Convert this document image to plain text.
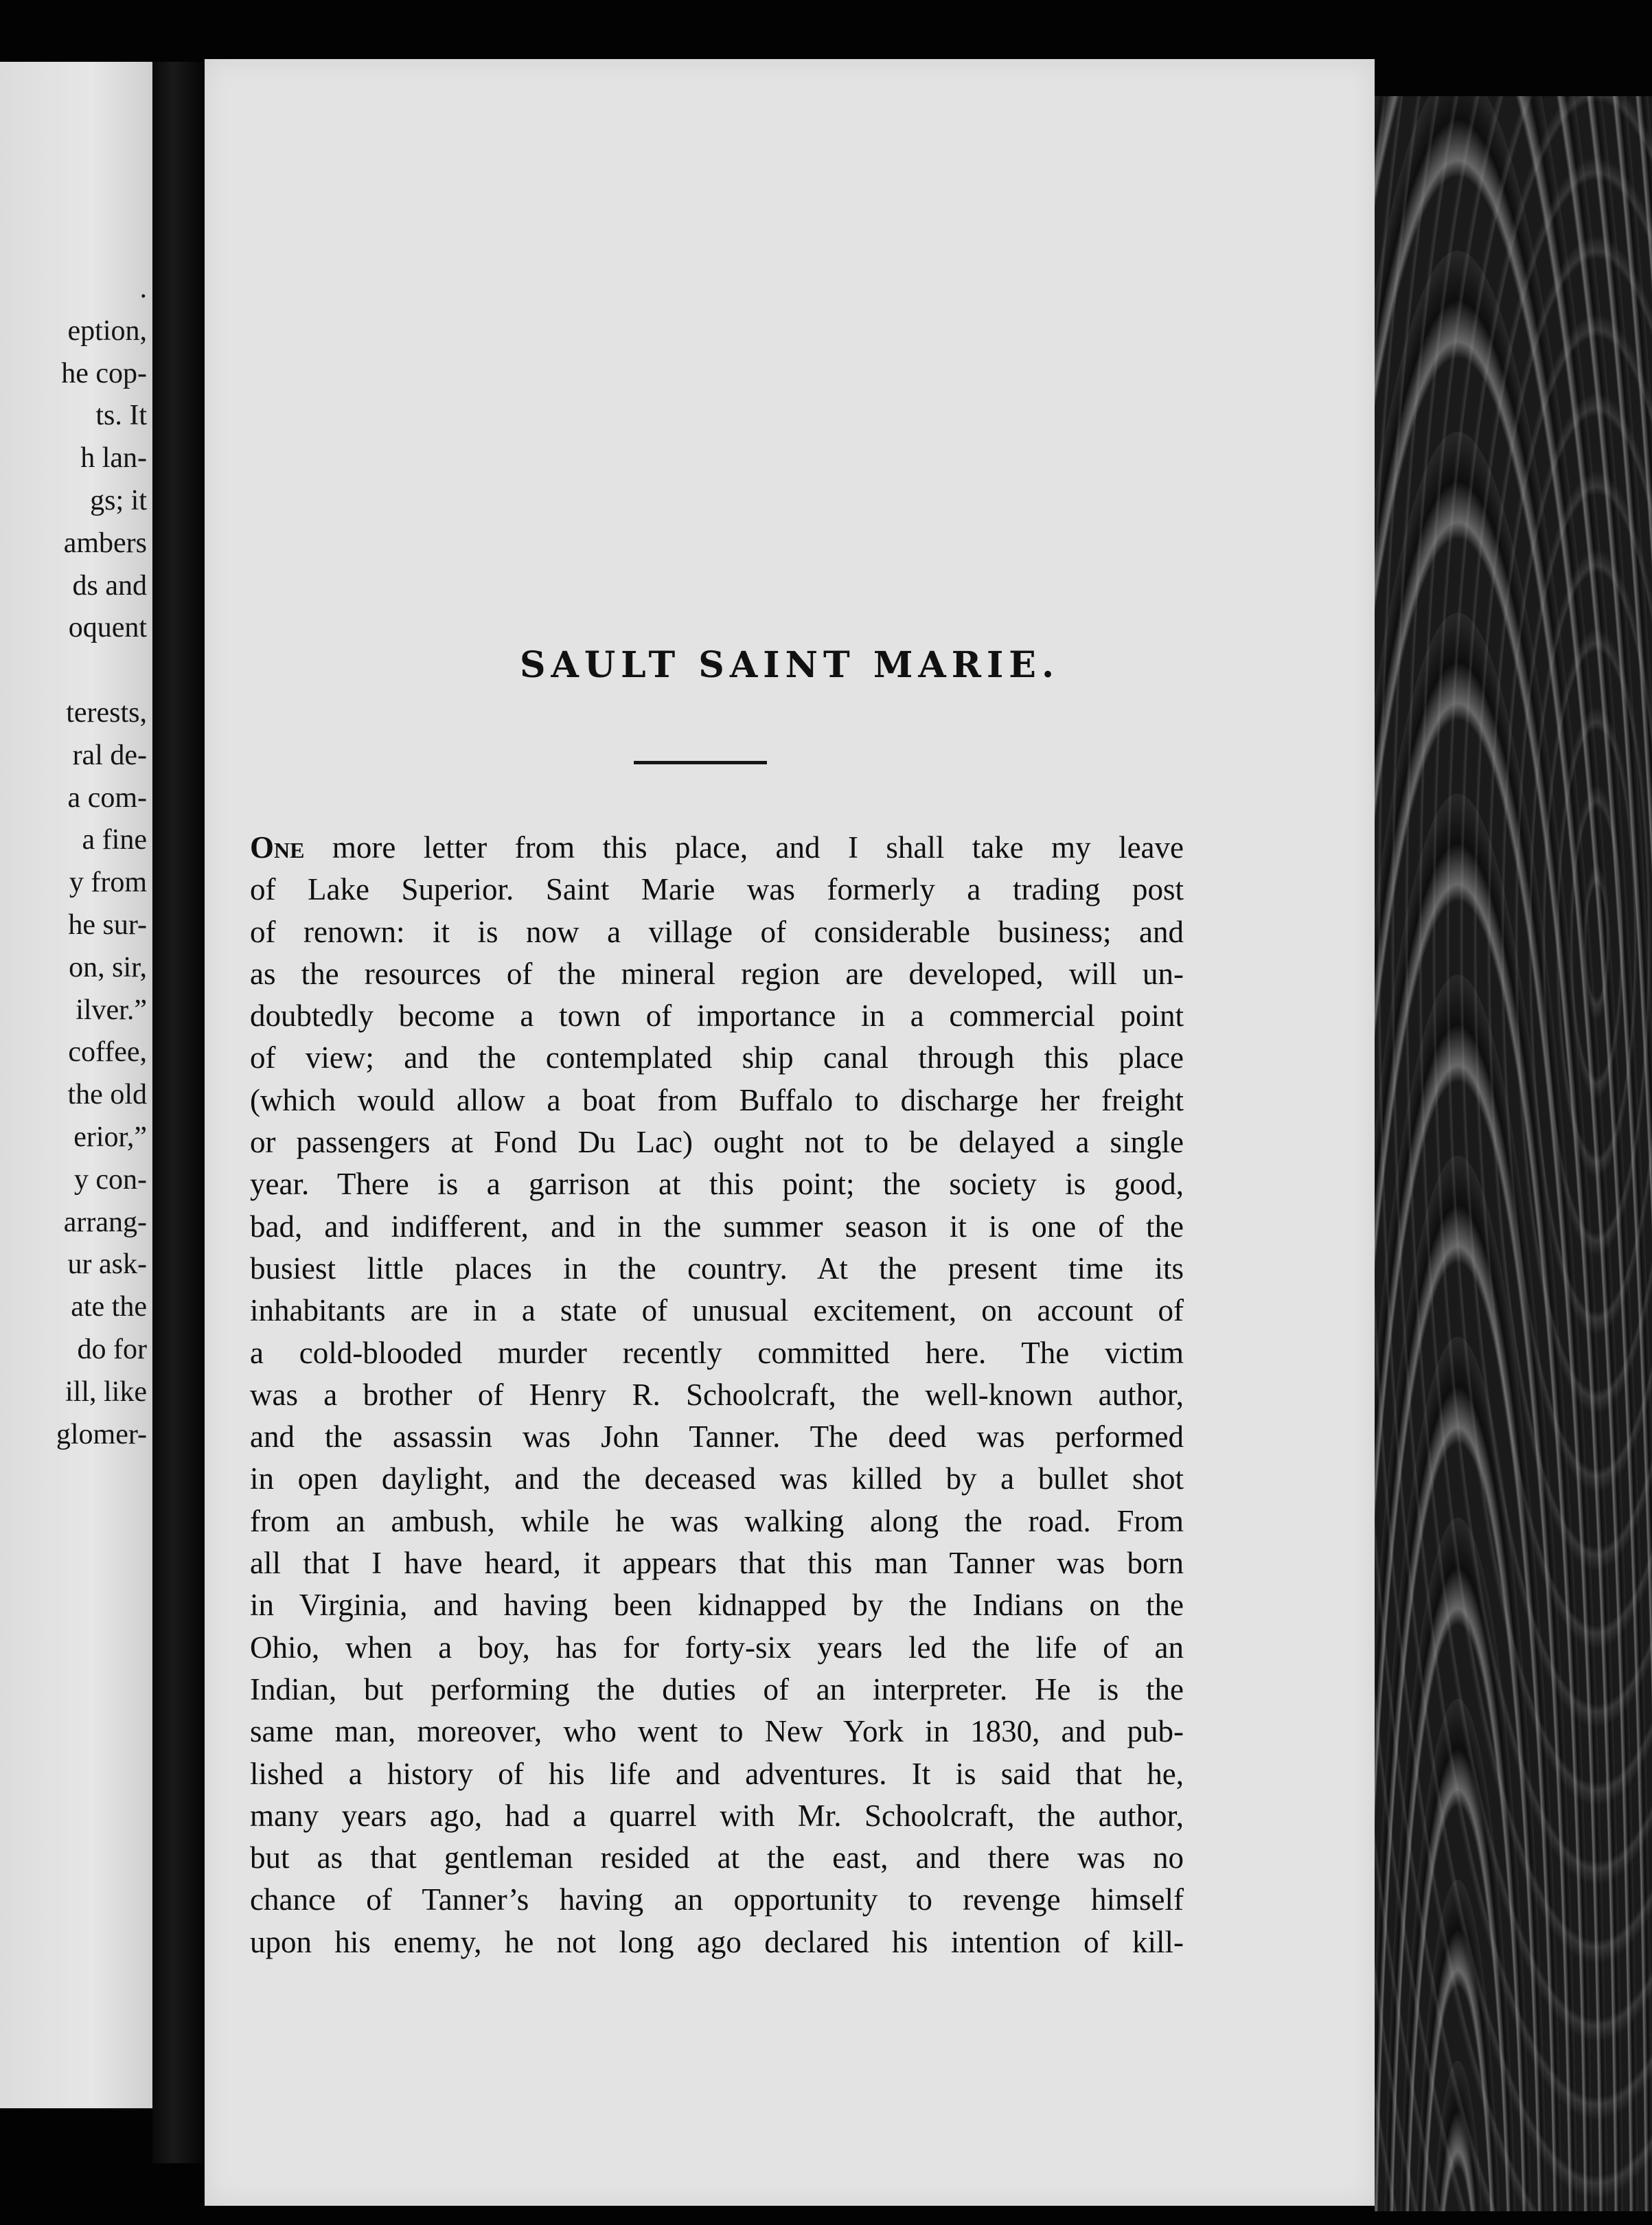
.
eption,
he cop-
ts. It
h lan-
gs; it
ambers
ds and
oquent
terests,
ral de-
a com-
a fine
y from
he sur-
on, sir,
ilver.”
coffee,
the old
erior,”
y con-
arrang-
ur ask-
ate the
do for
ill, like
glomer-
SAULT SAINT MARIE.
One more letter from this place, and I shall take my leave
of Lake Superior. Saint Marie was formerly a trading post
of renown: it is now a village of considerable business; and
as the resources of the mineral region are developed, will un-
doubtedly become a town of importance in a commercial point
of view; and the contemplated ship canal through this place
(which would allow a boat from Buffalo to discharge her freight
or passengers at Fond Du Lac) ought not to be delayed a single
year. There is a garrison at this point; the society is good,
bad, and indifferent, and in the summer season it is one of the
busiest little places in the country. At the present time its
inhabitants are in a state of unusual excitement, on account of
a cold-blooded murder recently committed here. The victim
was a brother of Henry R. Schoolcraft, the well-known author,
and the assassin was John Tanner. The deed was performed
in open daylight, and the deceased was killed by a bullet shot
from an ambush, while he was walking along the road. From
all that I have heard, it appears that this man Tanner was born
in Virginia, and having been kidnapped by the Indians on the
Ohio, when a boy, has for forty-six years led the life of an
Indian, but performing the duties of an interpreter. He is the
same man, moreover, who went to New York in 1830, and pub-
lished a history of his life and adventures. It is said that he,
many years ago, had a quarrel with Mr. Schoolcraft, the author,
but as that gentleman resided at the east, and there was no
chance of Tanner’s having an opportunity to revenge himself
upon his enemy, he not long ago declared his intention of kill-
